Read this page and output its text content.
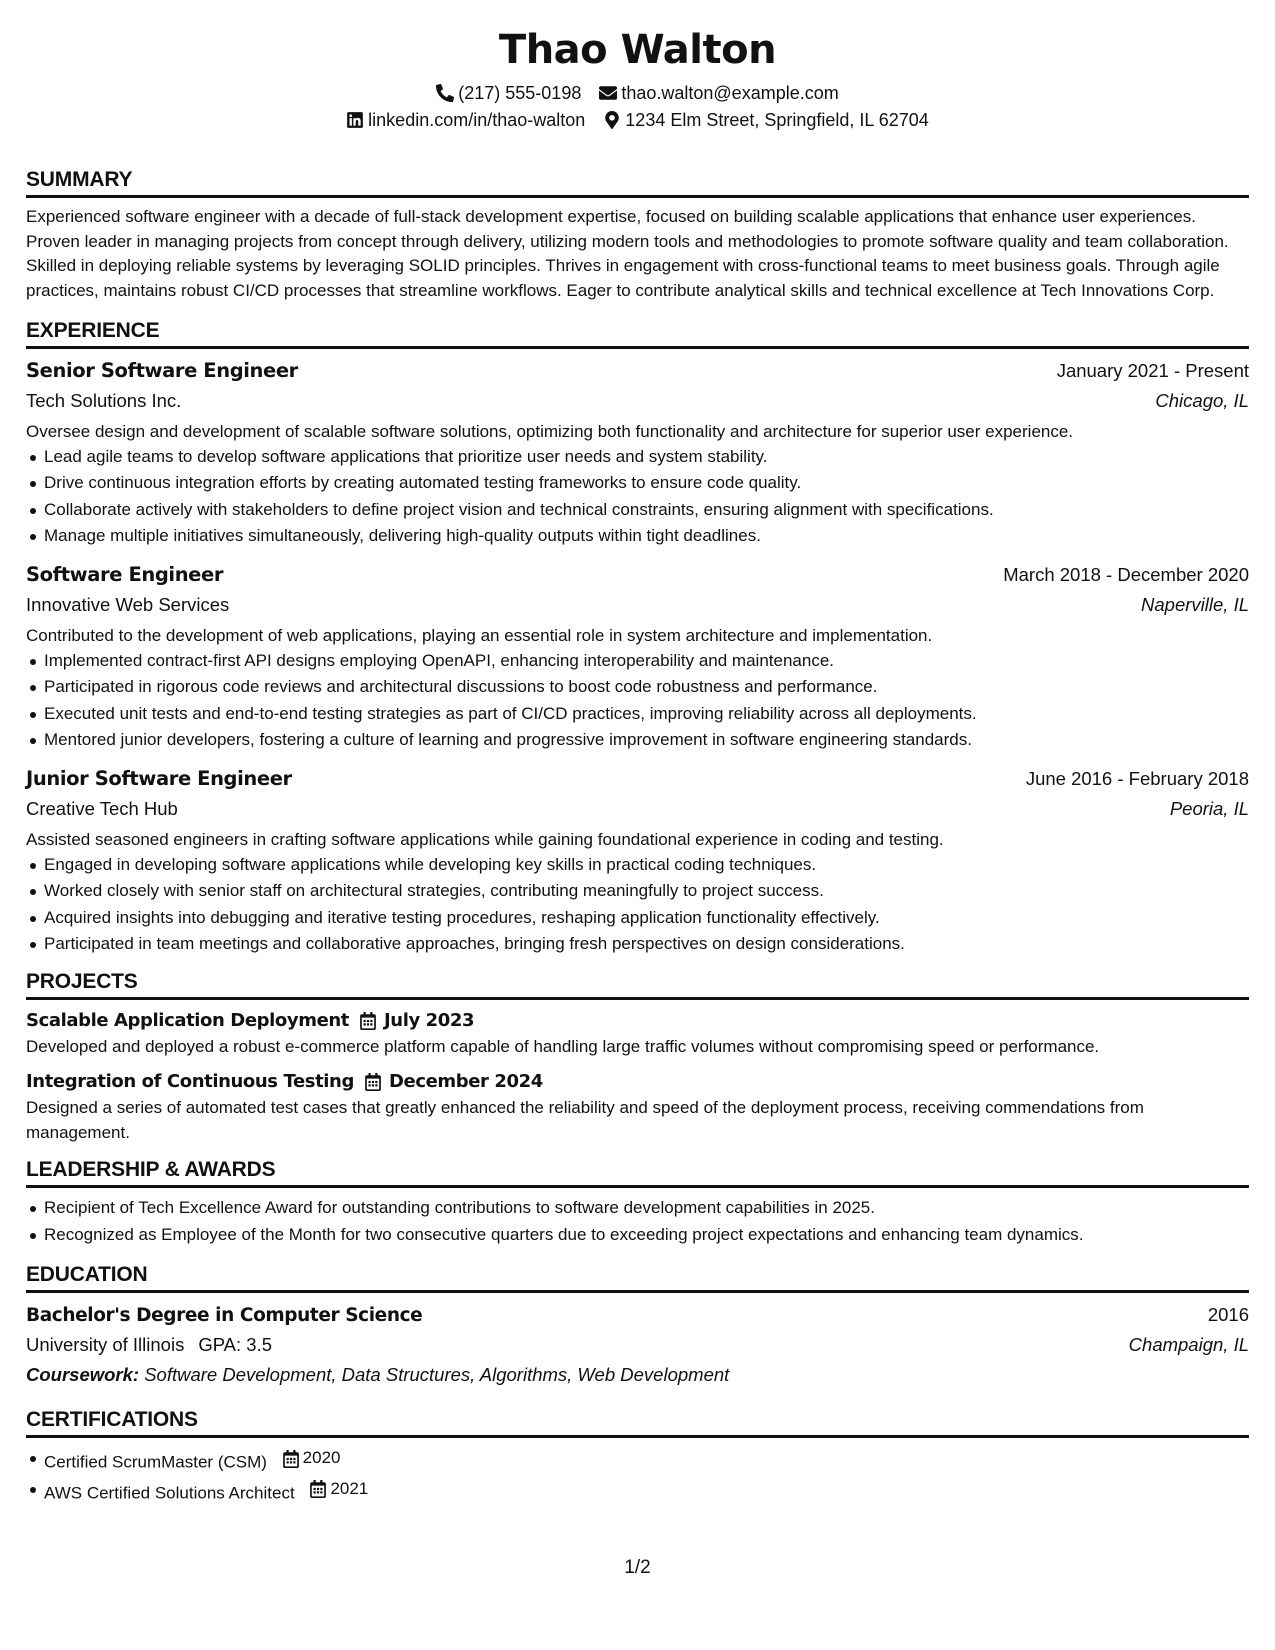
Thao Walton
(217) 555-0198 thao.walton@example.com
linkedin.com/in/thao-walton 1234 Elm Street, Springfield, IL 62704
SUMMARY
Experienced software engineer with a decade of full-stack development expertise, focused on building scalable applications that enhance user experiences. Proven leader in managing projects from concept through delivery, utilizing modern tools and methodologies to promote software quality and team collaboration. Skilled in deploying reliable systems by leveraging SOLID principles. Thrives in engagement with cross-functional teams to meet business goals. Through agile practices, maintains robust CI/CD processes that streamline workflows. Eager to contribute analytical skills and technical excellence at Tech Innovations Corp.
EXPERIENCE
Senior Software Engineer	January 2021 - Present
Tech Solutions Inc.	Chicago, IL
Oversee design and development of scalable software solutions, optimizing both functionality and architecture for superior user experience.
Lead agile teams to develop software applications that prioritize user needs and system stability.
Drive continuous integration efforts by creating automated testing frameworks to ensure code quality.
Collaborate actively with stakeholders to define project vision and technical constraints, ensuring alignment with specifications.
Manage multiple initiatives simultaneously, delivering high-quality outputs within tight deadlines.
Software Engineer	March 2018 - December 2020
Innovative Web Services	Naperville, IL
Contributed to the development of web applications, playing an essential role in system architecture and implementation.
Implemented contract-first API designs employing OpenAPI, enhancing interoperability and maintenance.
Participated in rigorous code reviews and architectural discussions to boost code robustness and performance.
Executed unit tests and end-to-end testing strategies as part of CI/CD practices, improving reliability across all deployments.
Mentored junior developers, fostering a culture of learning and progressive improvement in software engineering standards.
Junior Software Engineer	June 2016 - February 2018
Creative Tech Hub	Peoria, IL
Assisted seasoned engineers in crafting software applications while gaining foundational experience in coding and testing.
Engaged in developing software applications while developing key skills in practical coding techniques.
Worked closely with senior staff on architectural strategies, contributing meaningfully to project success.
Acquired insights into debugging and iterative testing procedures, reshaping application functionality effectively.
Participated in team meetings and collaborative approaches, bringing fresh perspectives on design considerations.
PROJECTS
Scalable Application Deployment July 2023
Developed and deployed a robust e-commerce platform capable of handling large traffic volumes without compromising speed or performance.
Integration of Continuous Testing December 2024
Designed a series of automated test cases that greatly enhanced the reliability and speed of the deployment process, receiving commendations from management.
LEADERSHIP & AWARDS
Recipient of Tech Excellence Award for outstanding contributions to software development capabilities in 2025.
Recognized as Employee of the Month for two consecutive quarters due to exceeding project expectations and enhancing team dynamics.
EDUCATION
Bachelor's Degree in Computer Science	2016
University of Illinois GPA: 3.5	Champaign, IL
Coursework: Software Development, Data Structures, Algorithms, Web Development
CERTIFICATIONS
Certified ScrumMaster (CSM) 2020
AWS Certified Solutions Architect 2021
1/2
